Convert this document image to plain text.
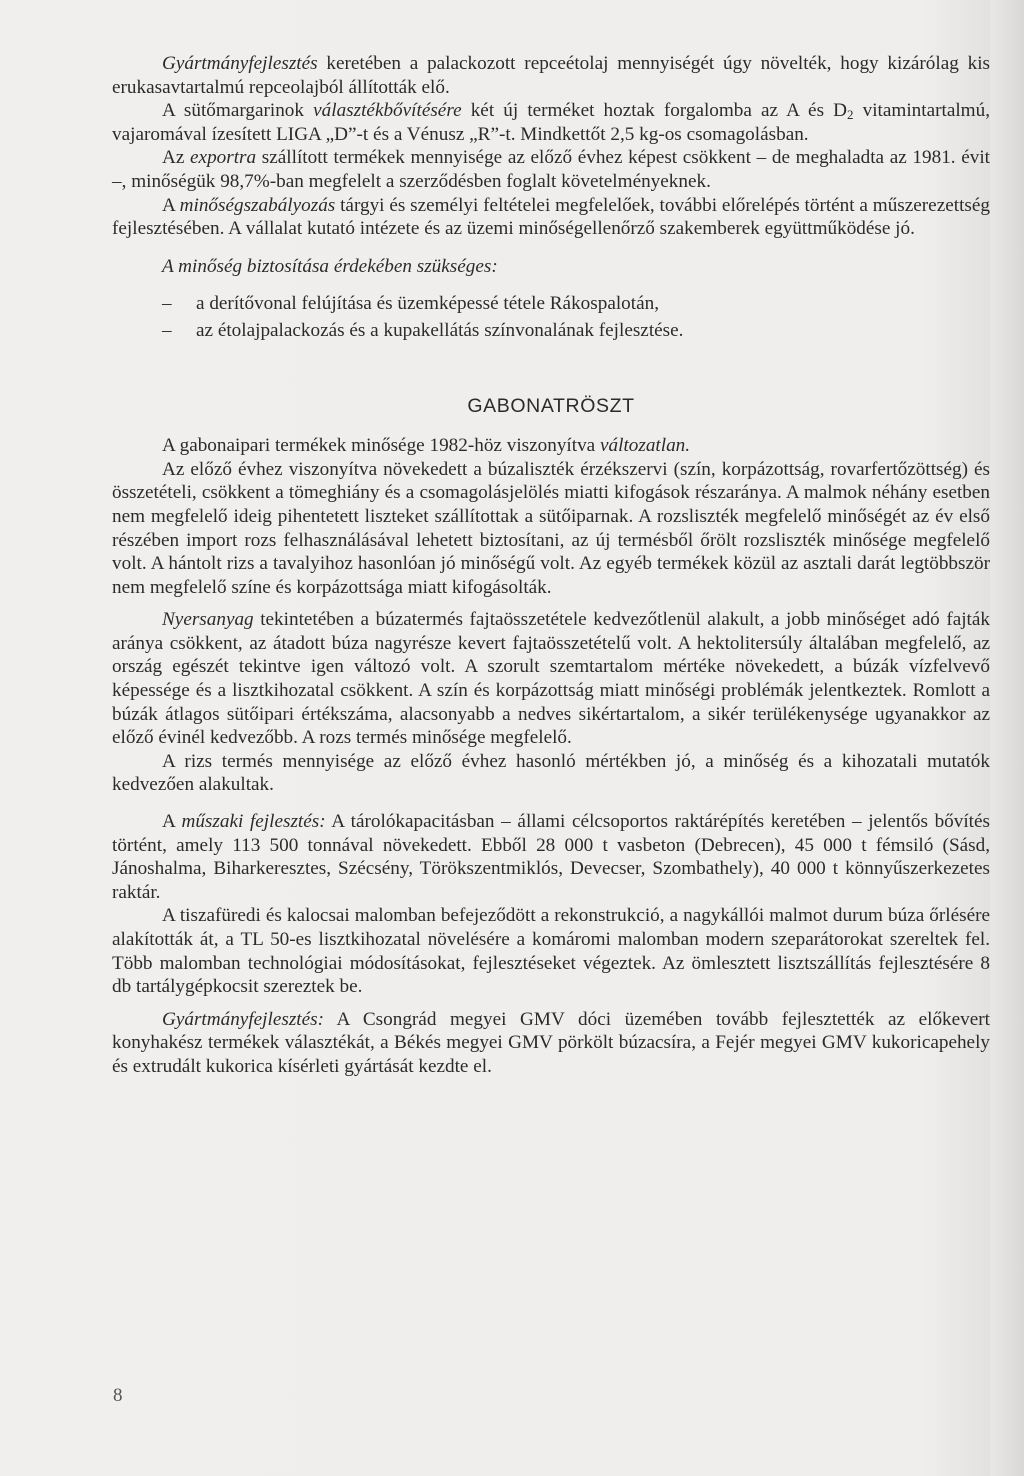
Gyártmányfejlesztés keretében a palackozott repceétolaj mennyiségét úgy növelték, hogy kizárólag kis erukasavtartalmú repceolajból állították elő.

A sütőmargarinok választékbővítésére két új terméket hoztak forgalomba az A és $D_2$ vitamintartalmú, vajaromával ízesített LIGA „D”-t és a Vénusz „R”-t. Mindkettőt 2,5 kg-os csomagolásban.

Az exportra szállított termékek mennyisége az előző évhez képest csökkent – de meghaladta az 1981. évit –, minőségük 98,7%-ban megfelelt a szerződésben foglalt követelményeknek.

A minőségszabályozás tárgyi és személyi feltételei megfelelőek, további előrelépés történt a műszerezettség fejlesztésében. A vállalat kutató intézete és az üzemi minőségellenőrző szakemberek együttműködése jó.

A minőség biztosítása érdekében szükséges:

– a derítővonal felújítása és üzemképessé tétele Rákospalotán,
– az étolajpalackozás és a kupakellátás színvonalának fejlesztése.
GABONATRÖSZT

A gabonaipari termékek minősége 1982-höz viszonyítva változatlan.

Az előző évhez viszonyítva növekedett a búzaliszték érzékszervi (szín, korpázottság, rovarfertőzöttség) és összetételi, csökkent a tömeghiány és a csomagolásjelölés miatti kifogások részaránya. A malmok néhány esetben nem megfelelő ideig pihentetett liszteket szállítottak a sütőiparnak. A rozsliszték megfelelő minőségét az év első részében import rozs felhasználásával lehetett biztosítani, az új termésből őrölt rozsliszték minősége megfelelő volt. A hántolt rizs a tavalyihoz hasonlóan jó minőségű volt. Az egyéb termékek közül az asztali darát legtöbbször nem megfelelő színe és korpázottsága miatt kifogásolták.

Nyersanyag tekintetében a búzatermés fajtaösszetétele kedvezőtlenül alakult, a jobb minőséget adó fajták aránya csökkent, az átadott búza nagyrésze kevert fajtaösszetételű volt. A hektolitersúly általában megfelelő, az ország egészét tekintve igen változó volt. A szorult szemtartalom mértéke növekedett, a búzák vízfelvevő képessége és a lisztkihozatal csökkent. A szín és korpázottság miatt minőségi problémák jelentkeztek. Romlott a búzák átlagos sütőipari értékszáma, alacsonyabb a nedves sikértartalom, a sikér terülékenysége ugyanakkor az előző évinél kedvezőbb. A rozs termés minősége megfelelő.

A rizs termés mennyisége az előző évhez hasonló mértékben jó, a minőség és a kihozatali mutatók kedvezően alakultak.

A műszaki fejlesztés: A tárolókapacitásban – állami célcsoportos raktárépítés keretében – jelentős bővítés történt, amely 113 500 tonnával növekedett. Ebből 28 000 t vasbeton (Debrecen), 45 000 t fémsiló (Sásd, Jánoshalma, Biharkeresztes, Szécsény, Törökszentmiklós, Devecser, Szombathely), 40 000 t könnyűszerkezetes raktár.

A tiszafüredi és kalocsai malomban befejeződött a rekonstrukció, a nagykállói malmot durum búza őrlésére alakították át, a TL 50-es lisztkihozatal növelésére a komáromi malomban modern szeparátorokat szereltek fel. Több malomban technológiai módosításokat, fejlesztéseket végeztek. Az ömlesztett lisztszállítás fejlesztésére 8 db tartálygépkocsit szereztek be.

Gyártmányfejlesztés: A Csongrád megyei GMV dóci üzemében tovább fejlesztették az előkevert konyhakész termékek választékát, a Békés megyei GMV pörkölt búzacsíra, a Fejér megyei GMV kukoricapehely és extrudált kukorica kísérleti gyártását kezdte el.

8
